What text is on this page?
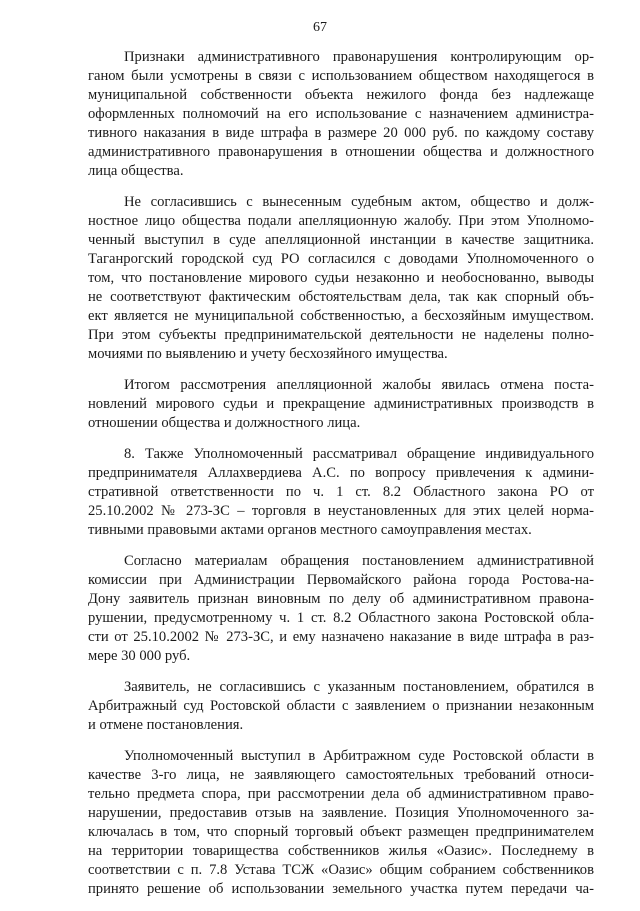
67
Признаки административного правонарушения контролирующим ор-
ганом были усмотрены в связи с использованием обществом находящегося в
муниципальной собственности объекта нежилого фонда без надлежаще
оформленных полномочий на его использование с назначением администра-
тивного наказания в виде штрафа в размере 20 000 руб. по каждому составу
административного правонарушения в отношении общества и должностного
лица общества.
Не согласившись с вынесенным судебным актом, общество и долж-
ностное лицо общества подали апелляционную жалобу. При этом Уполномо-
ченный выступил в суде апелляционной инстанции в качестве защитника.
Таганрогский городской суд РО согласился с доводами Уполномоченного о
том, что постановление мирового судьи незаконно и необоснованно, выводы
не соответствуют фактическим обстоятельствам дела, так как спорный объ-
ект является не муниципальной собственностью, а бесхозяйным имуществом.
При этом субъекты предпринимательской деятельности не наделены полно-
мочиями по выявлению и учету бесхозяйного имущества.
Итогом рассмотрения апелляционной жалобы явилась отмена поста-
новлений мирового судьи и прекращение административных производств в
отношении общества и должностного лица.
8. Также Уполномоченный рассматривал обращение индивидуального
предпринимателя Аллахвердиева А.С. по вопросу привлечения к админи-
стративной ответственности по ч. 1 ст. 8.2 Областного закона РО от
25.10.2002 № 273-ЗС – торговля в неустановленных для этих целей норма-
тивными правовыми актами органов местного самоуправления местах.
Согласно материалам обращения постановлением административной
комиссии при Администрации Первомайского района города Ростова-на-
Дону заявитель признан виновным по делу об административном правона-
рушении, предусмотренному ч. 1 ст. 8.2 Областного закона Ростовской обла-
сти от 25.10.2002 № 273-ЗС, и ему назначено наказание в виде штрафа в раз-
мере 30 000 руб.
Заявитель, не согласившись с указанным постановлением, обратился в
Арбитражный суд Ростовской области с заявлением о признании незаконным
и отмене постановления.
Уполномоченный выступил в Арбитражном суде Ростовской области в
качестве 3-го лица, не заявляющего самостоятельных требований относи-
тельно предмета спора, при рассмотрении дела об административном право-
нарушении, предоставив отзыв на заявление. Позиция Уполномоченного за-
ключалась в том, что спорный торговый объект размещен предпринимателем
на территории товарищества собственников жилья «Оазис». Последнему в
соответствии с п. 7.8 Устава ТСЖ «Оазис» общим собранием собственников
принято решение об использовании земельного участка путем передачи ча-
